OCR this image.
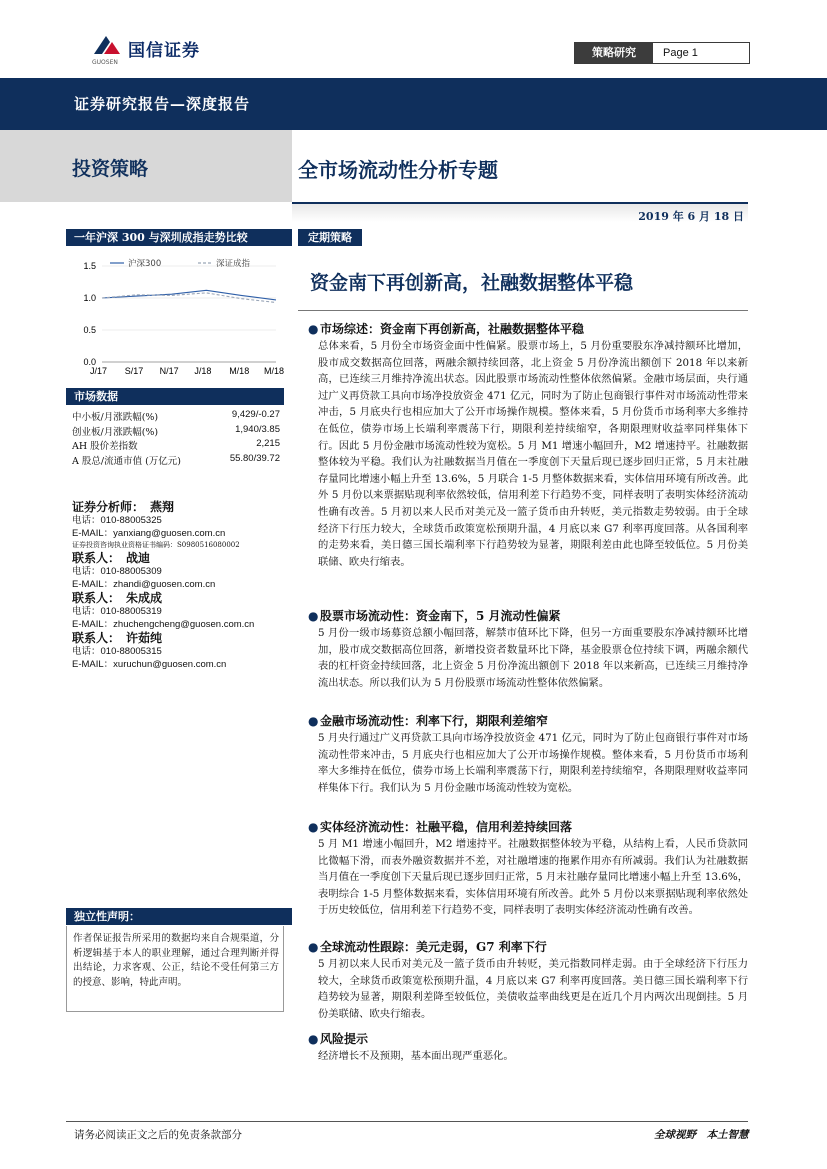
国信证券
GUOSEN
策略研究	Page 1
证券研究报告—深度报告
投资策略	全市场流动性分析专题
2019 年 6 月 18 日
一年沪深 300 与深圳成指走势比较
0.0
0.5
1.0
1.5
J/17 S/17 N/17 J/18 M/18 M/18
沪深300	深证成指
市场数据
中小板/月涨跌幅(%)	9,429/-0.27
创业板/月涨跌幅(%)	1,940/3.85
AH 股价差指数	2,215
A 股总/流通市值 (万亿元)	55.80/39.72
证券分析师： 燕翔
电话：010-88005325
E-MAIL：yanxiang@guosen.com.cn
证券投资咨询执业资格证书编码：S0980516080002
联系人： 战迪
电话：010-88005309
E-MAIL：zhandi@guosen.com.cn
联系人： 朱成成
电话：010-88005319
E-MAIL：zhuchengcheng@guosen.com.cn
联系人： 许茹纯
电话：010-88005315
E-MAIL：xuruchun@guosen.com.cn
独立性声明：
作者保证报告所采用的数据均来自合规渠道，分析逻辑基于本人的职业理解，通过合理判断并得出结论，力求客观、公正，结论不受任何第三方的授意、影响，特此声明。
定期策略
资金南下再创新高，社融数据整体平稳
● 市场综述：资金南下再创新高，社融数据整体平稳
总体来看，5 月份全市场资金面中性偏紧。股票市场上，5 月份重要股东净减持额环比增加，股市成交数据高位回落，两融余额持续回落，北上资金 5 月份净流出额创下 2018 年以来新高，已连续三月维持净流出状态。因此股票市场流动性整体依然偏紧。金融市场层面，央行通过广义再贷款工具向市场净投放资金 471 亿元，同时为了防止包商银行事件对市场流动性带来冲击，5 月底央行也相应加大了公开市场操作规模。整体来看，5 月份货币市场利率大多维持在低位，债券市场上长端利率震荡下行，期限利差持续缩窄，各期限理财收益率同样集体下行。因此 5 月份金融市场流动性较为宽松。5 月 M1 增速小幅回升，M2 增速持平。社融数据整体较为平稳。我们认为社融数据当月值在一季度创下天量后现已逐步回归正常，5 月末社融存量同比增速小幅上升至 13.6%，5 月联合 1-5 月整体数据来看，实体信用环境有所改善。此外 5 月份以来票据贴现利率依然较低，信用利差下行趋势不变，同样表明了表明实体经济流动性确有改善。5 月初以来人民币对美元及一篮子货币由升转贬，美元指数走势较弱。由于全球经济下行压力较大，全球货币政策宽松预期升温，4 月底以来 G7 利率再度回落。从各国利率的走势来看，美日德三国长端利率下行趋势较为显著，期限利差由此也降至较低位。5 月份美联储、欧央行缩表。
● 股票市场流动性：资金南下，5 月流动性偏紧
5 月份一级市场募资总额小幅回落，解禁市值环比下降，但另一方面重要股东净减持额环比增加，股市成交数据高位回落，新增投资者数量环比下降，基金股票仓位持续下调，两融余额代表的杠杆资金持续回落，北上资金 5 月份净流出额创下 2018 年以来新高，已连续三月维持净流出状态。所以我们认为 5 月份股票市场流动性整体依然偏紧。
● 金融市场流动性：利率下行，期限利差缩窄
5 月央行通过广义再贷款工具向市场净投放资金 471 亿元，同时为了防止包商银行事件对市场流动性带来冲击，5 月底央行也相应加大了公开市场操作规模。整体来看，5 月份货币市场利率大多维持在低位，债券市场上长端利率震荡下行，期限利差持续缩窄，各期限理财收益率同样集体下行。我们认为 5 月份金融市场流动性较为宽松。
● 实体经济流动性：社融平稳，信用利差持续回落
5 月 M1 增速小幅回升，M2 增速持平。社融数据整体较为平稳，从结构上看，人民币贷款同比微幅下滑，而表外融资数据并不差，对社融增速的拖累作用亦有所减弱。我们认为社融数据当月值在一季度创下天量后现已逐步回归正常，5 月末社融存量同比增速小幅上升至 13.6%，表明综合 1-5 月整体数据来看，实体信用环境有所改善。此外 5 月份以来票据贴现利率依然处于历史较低位，信用利差下行趋势不变，同样表明了表明实体经济流动性确有改善。
● 全球流动性跟踪：美元走弱，G7 利率下行
5 月初以来人民币对美元及一篮子货币由升转贬，美元指数同样走弱。由于全球经济下行压力较大，全球货币政策宽松预期升温，4 月底以来 G7 利率再度回落。美日德三国长端利率下行趋势较为显著，期限利差降至较低位，美债收益率曲线更是在近几个月内两次出现倒挂。5 月份美联储、欧央行缩表。
● 风险提示
经济增长不及预期，基本面出现严重恶化。
请务必阅读正文之后的免责条款部分	全球视野　本土智慧
